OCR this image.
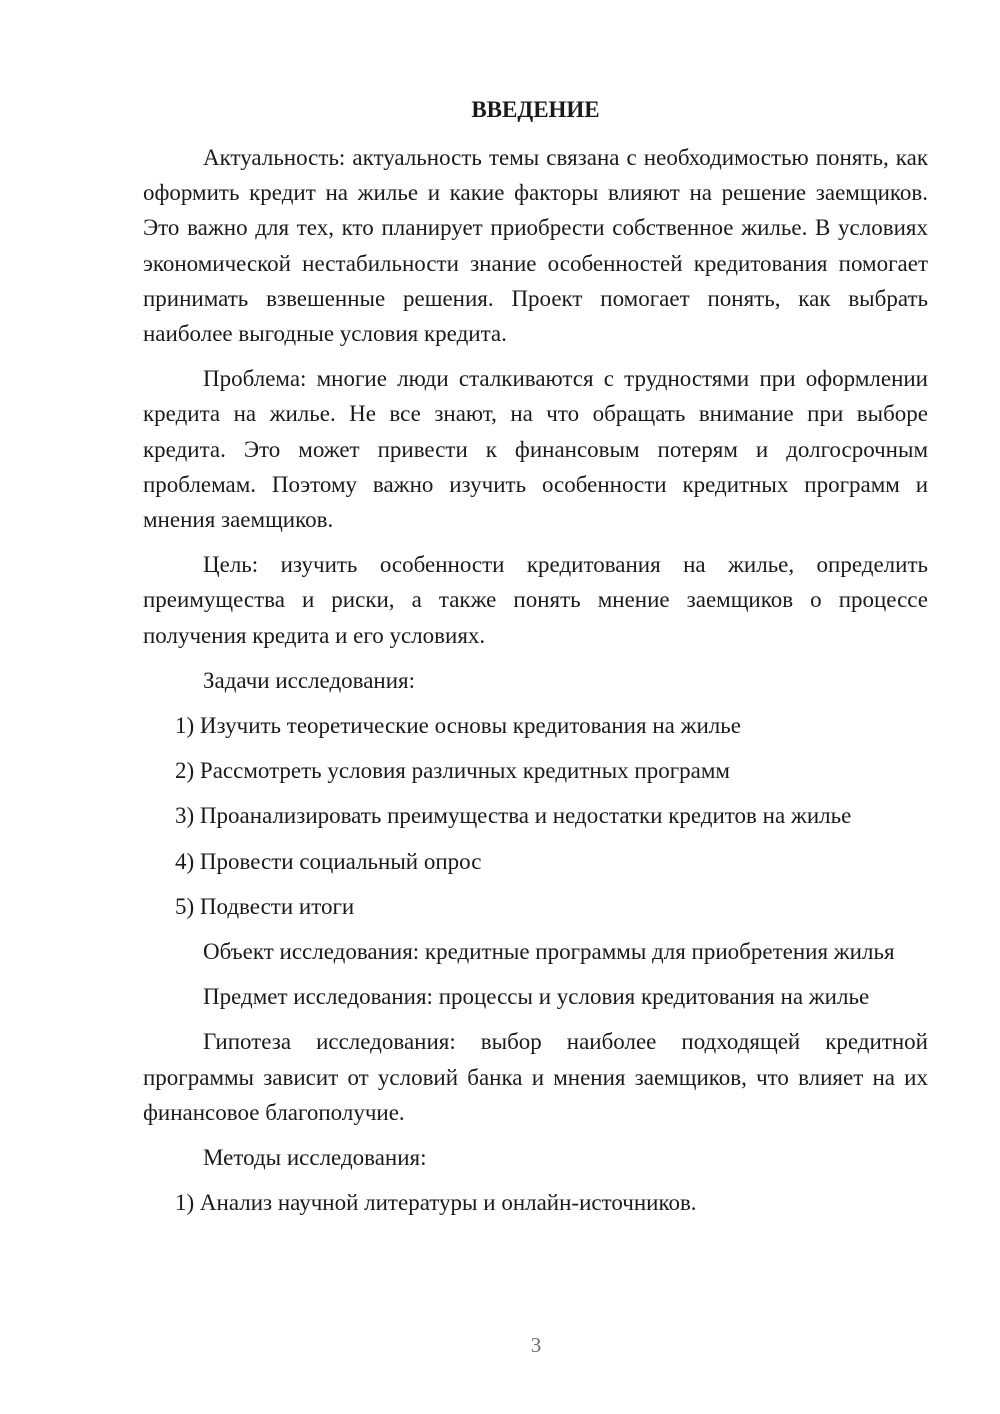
ВВЕДЕНИЕ
Актуальность: актуальность темы связана с необходимостью понять, как оформить кредит на жилье и какие факторы влияют на решение заемщиков. Это важно для тех, кто планирует приобрести собственное жилье. В условиях экономической нестабильности знание особенностей кредитования помогает принимать взвешенные решения. Проект помогает понять, как выбрать наиболее выгодные условия кредита.
Проблема: многие люди сталкиваются с трудностями при оформлении кредита на жилье. Не все знают, на что обращать внимание при выборе кредита. Это может привести к финансовым потерям и долгосрочным проблемам. Поэтому важно изучить особенности кредитных программ и мнения заемщиков.
Цель: изучить особенности кредитования на жилье, определить преимущества и риски, а также понять мнение заемщиков о процессе получения кредита и его условиях.
Задачи исследования:
1) Изучить теоретические основы кредитования на жилье
2) Рассмотреть условия различных кредитных программ
3) Проанализировать преимущества и недостатки кредитов на жилье
4) Провести социальный опрос
5) Подвести итоги
Объект исследования: кредитные программы для приобретения жилья
Предмет исследования: процессы и условия кредитования на жилье
Гипотеза исследования: выбор наиболее подходящей кредитной программы зависит от условий банка и мнения заемщиков, что влияет на их финансовое благополучие.
Методы исследования:
1) Анализ научной литературы и онлайн-источников.
3
